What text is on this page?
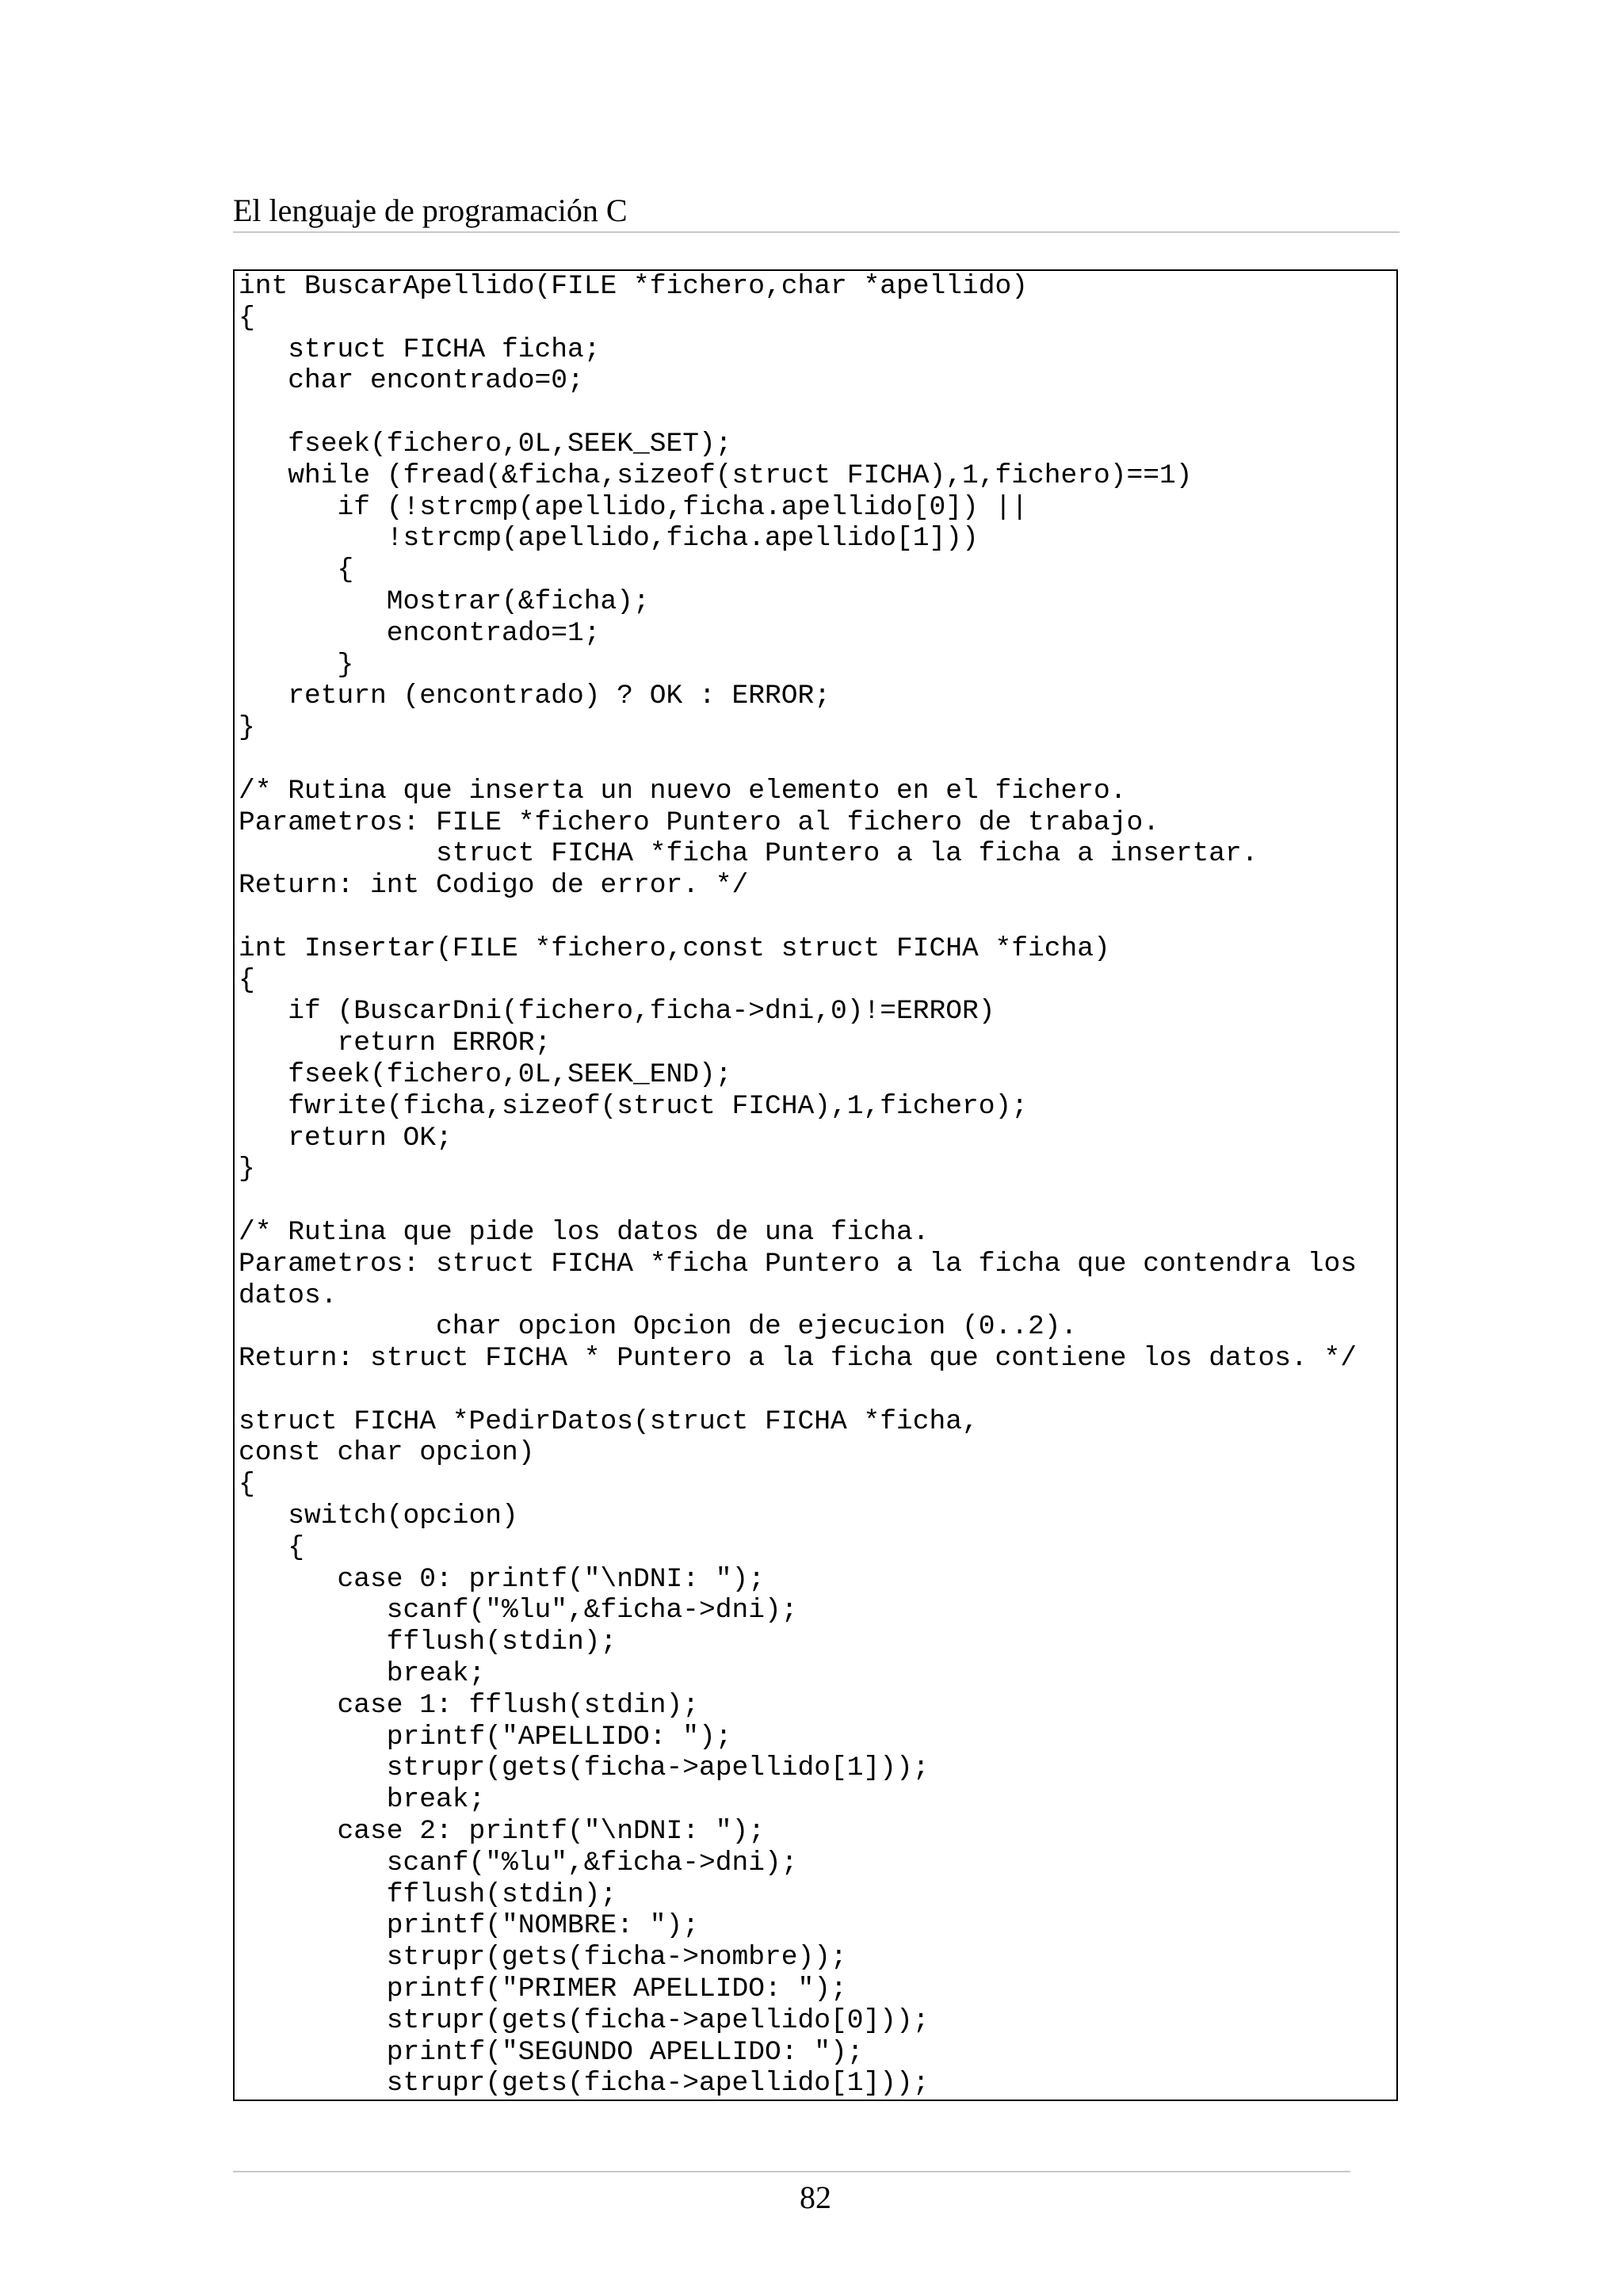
El lenguaje de programación C
int BuscarApellido(FILE *fichero,char *apellido)
{
struct FICHA ficha;
char encontrado=0;
fseek(fichero,0L,SEEK_SET);
while (fread(&ficha,sizeof(struct FICHA),1,fichero)==1)
if (!strcmp(apellido,ficha.apellido[0]) ||
!strcmp(apellido,ficha.apellido[1]))
{
Mostrar(&ficha);
encontrado=1;
}
return (encontrado) ? OK : ERROR;
}
/* Rutina que inserta un nuevo elemento en el fichero.
Parametros: FILE *fichero Puntero al fichero de trabajo.
struct FICHA *ficha Puntero a la ficha a insertar.
Return: int Codigo de error. */
int Insertar(FILE *fichero,const struct FICHA *ficha)
{
if (BuscarDni(fichero,ficha->dni,0)!=ERROR)
return ERROR;
fseek(fichero,0L,SEEK_END);
fwrite(ficha,sizeof(struct FICHA),1,fichero);
return OK;
}
/* Rutina que pide los datos de una ficha.
Parametros: struct FICHA *ficha Puntero a la ficha que contendra los
datos.
char opcion Opcion de ejecucion (0..2).
Return: struct FICHA * Puntero a la ficha que contiene los datos. */
struct FICHA *PedirDatos(struct FICHA *ficha,
const char opcion)
{
switch(opcion)
{
case 0: printf("\nDNI: ");
scanf("%lu",&ficha->dni);
fflush(stdin);
break;
case 1: fflush(stdin);
printf("APELLIDO: ");
strupr(gets(ficha->apellido[1]));
break;
case 2: printf("\nDNI: ");
scanf("%lu",&ficha->dni);
fflush(stdin);
printf("NOMBRE: ");
strupr(gets(ficha->nombre));
printf("PRIMER APELLIDO: ");
strupr(gets(ficha->apellido[0]));
printf("SEGUNDO APELLIDO: ");
strupr(gets(ficha->apellido[1]));
82
